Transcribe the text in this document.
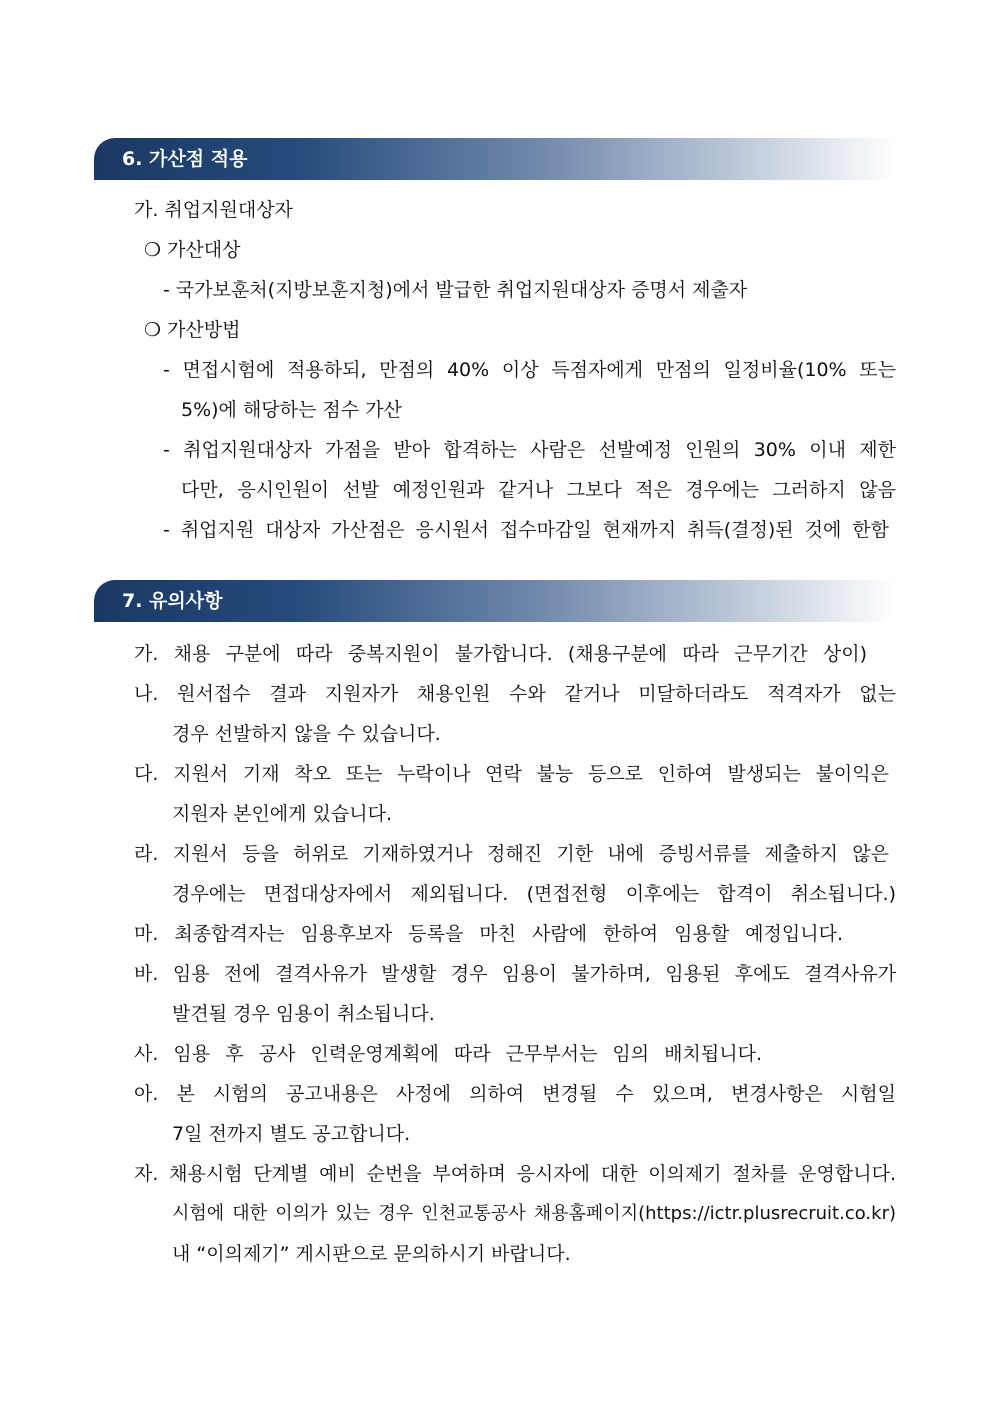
6. 가산점 적용
가. 취업지원대상자
❍ 가산대상
- 국가보훈처(지방보훈지청)에서 발급한 취업지원대상자 증명서 제출자
❍ 가산방법
- 면접시험에 적용하되, 만점의 40% 이상 득점자에게 만점의 일정비율(10% 또는
5%)에 해당하는 점수 가산
- 취업지원대상자 가점을 받아 합격하는 사람은 선발예정 인원의 30% 이내 제한
다만, 응시인원이 선발 예정인원과 같거나 그보다 적은 경우에는 그러하지 않음
- 취업지원 대상자 가산점은 응시원서 접수마감일 현재까지 취득(결정)된 것에 한함
7. 유의사항
가. 채용 구분에 따라 중복지원이 불가합니다. (채용구분에 따라 근무기간 상이)
나. 원서접수 결과 지원자가 채용인원 수와 같거나 미달하더라도 적격자가 없는
경우 선발하지 않을 수 있습니다.
다. 지원서 기재 착오 또는 누락이나 연락 불능 등으로 인하여 발생되는 불이익은
지원자 본인에게 있습니다.
라. 지원서 등을 허위로 기재하였거나 정해진 기한 내에 증빙서류를 제출하지 않은
경우에는 면접대상자에서 제외됩니다. (면접전형 이후에는 합격이 취소됩니다.)
마. 최종합격자는 임용후보자 등록을 마친 사람에 한하여 임용할 예정입니다.
바. 임용 전에 결격사유가 발생할 경우 임용이 불가하며, 임용된 후에도 결격사유가
발견될 경우 임용이 취소됩니다.
사. 임용 후 공사 인력운영계획에 따라 근무부서는 임의 배치됩니다.
아. 본 시험의 공고내용은 사정에 의하여 변경될 수 있으며, 변경사항은 시험일
7일 전까지 별도 공고합니다.
자. 채용시험 단계별 예비 순번을 부여하며 응시자에 대한 이의제기 절차를 운영합니다.
시험에 대한 이의가 있는 경우 인천교통공사 채용홈페이지(https://ictr.plusrecruit.co.kr)
내 “이의제기” 게시판으로 문의하시기 바랍니다.
